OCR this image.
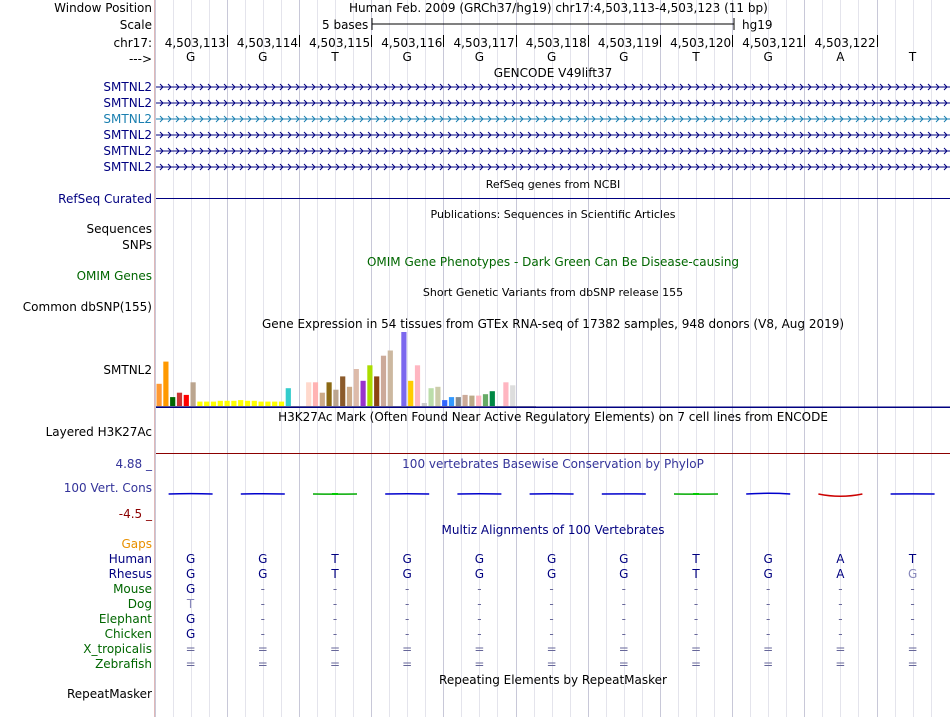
Window Position	Human Feb. 2009 (GRCh37/hg19) chr17:4,503,113-4,503,123 (11 bp)
Scale	5 bases	hg19
chr17: 4,503,113 4,503,114 4,503,115 4,503,116 4,503,117 4,503,118 4,503,119 4,503,120 4,503,121 4,503,122
--->	G	G	T	G	G	G	G	T	G	A	T
GENCODE V49lift37
SMTNL2
SMTNL2
SMTNL2
SMTNL2
SMTNL2
SMTNL2
RefSeq genes from NCBI
RefSeq Curated
Publications: Sequences in Scientific Articles
Sequences
SNPs
OMIM Gene Phenotypes - Dark Green Can Be Disease-causing
OMIM Genes
Short Genetic Variants from dbSNP release 155
Common dbSNP(155)
Gene Expression in 54 tissues from GTEx RNA-seq of 17382 samples, 948 donors (V8, Aug 2019)
SMTNL2
H3K27Ac Mark (Often Found Near Active Regulatory Elements) on 7 cell lines from ENCODE
Layered H3K27Ac
100 vertebrates Basewise Conservation by PhyloP
4.88 _
100 Vert. Cons
-4.5 _
Multiz Alignments of 100 Vertebrates
Gaps
Human	G	G	T	G	G	G	G	T	G	A	T
Rhesus	G	G	T	G	G	G	G	T	G	A	G
Mouse	G	-	-	-	-	-	-	-	-	-	-
Dog	T	-	-	-	-	-	-	-	-	-	-
Elephant	G	-	-	-	-	-	-	-	-	-	-
Chicken	G	-	-	-	-	-	-	-	-	-	-
X_tropicalis	=	=	=	=	=	=	=	=	=	=	=
Zebrafish	=	=	=	=	=	=	=	=	=	=	=
Repeating Elements by RepeatMasker
RepeatMasker
